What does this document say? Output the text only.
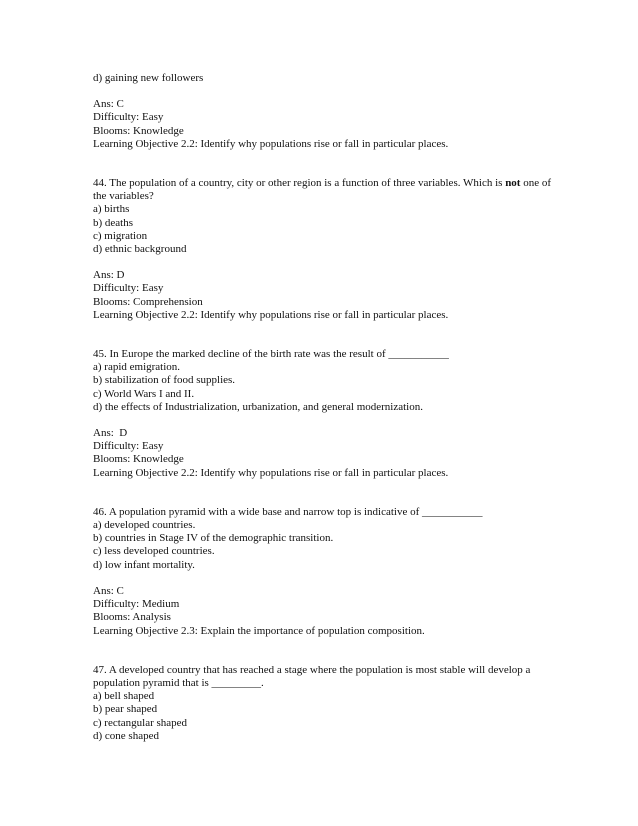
d) gaining new followers
Ans: C
Difficulty: Easy
Blooms: Knowledge
Learning Objective 2.2: Identify why populations rise or fall in particular places.
44. The population of a country, city or other region is a function of three variables. Which is not one of
the variables?
a) births
b) deaths
c) migration
d) ethnic background
Ans: D
Difficulty: Easy
Blooms: Comprehension
Learning Objective 2.2: Identify why populations rise or fall in particular places.
45. In Europe the marked decline of the birth rate was the result of ___________
a) rapid emigration.
b) stabilization of food supplies.
c) World Wars I and II.
d) the effects of Industrialization, urbanization, and general modernization.
Ans:  D
Difficulty: Easy
Blooms: Knowledge
Learning Objective 2.2: Identify why populations rise or fall in particular places.
46. A population pyramid with a wide base and narrow top is indicative of ___________
a) developed countries.
b) countries in Stage IV of the demographic transition.
c) less developed countries.
d) low infant mortality.
Ans: C
Difficulty: Medium
Blooms: Analysis
Learning Objective 2.3: Explain the importance of population composition.
47. A developed country that has reached a stage where the population is most stable will develop a
population pyramid that is _________.
a) bell shaped
b) pear shaped
c) rectangular shaped
d) cone shaped
